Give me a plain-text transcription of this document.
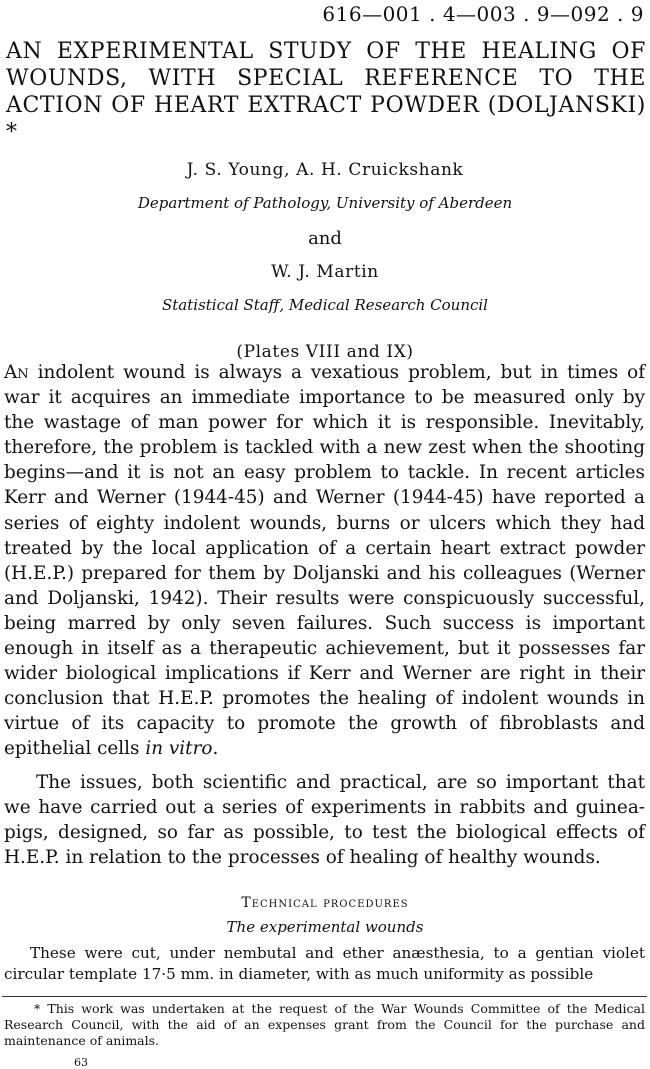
616—001 . 4—003 . 9—092 . 9
AN EXPERIMENTAL STUDY OF THE HEALING OF WOUNDS, WITH SPECIAL REFERENCE TO THE ACTION OF HEART EXTRACT POWDER (DOLJANSKI) *
J. S. Young, A. H. Cruickshank
Department of Pathology, University of Aberdeen
and
W. J. Martin
Statistical Staff, Medical Research Council
(Plates VIII and IX)
An indolent wound is always a vexatious problem, but in times of war it acquires an immediate importance to be measured only by the wastage of man power for which it is responsible. Inevitably, therefore, the problem is tackled with a new zest when the shooting begins—and it is not an easy problem to tackle. In recent articles Kerr and Werner (1944-45) and Werner (1944-45) have reported a series of eighty indolent wounds, burns or ulcers which they had treated by the local application of a certain heart extract powder (H.E.P.) prepared for them by Doljanski and his colleagues (Werner and Doljanski, 1942). Their results were conspicuously successful, being marred by only seven failures. Such success is important enough in itself as a therapeutic achievement, but it possesses far wider biological implications if Kerr and Werner are right in their conclusion that H.E.P. promotes the healing of indolent wounds in virtue of its capacity to promote the growth of fibroblasts and epithelial cells in vitro.
The issues, both scientific and practical, are so important that we have carried out a series of experiments in rabbits and guinea-pigs, designed, so far as possible, to test the biological effects of H.E.P. in relation to the processes of healing of healthy wounds.
Technical procedures
The experimental wounds
These were cut, under nembutal and ether anæsthesia, to a gentian violet circular template 17·5 mm. in diameter, with as much uniformity as possible
* This work was undertaken at the request of the War Wounds Committee of the Medical Research Council, with the aid of an expenses grant from the Council for the purchase and maintenance of animals.
63
